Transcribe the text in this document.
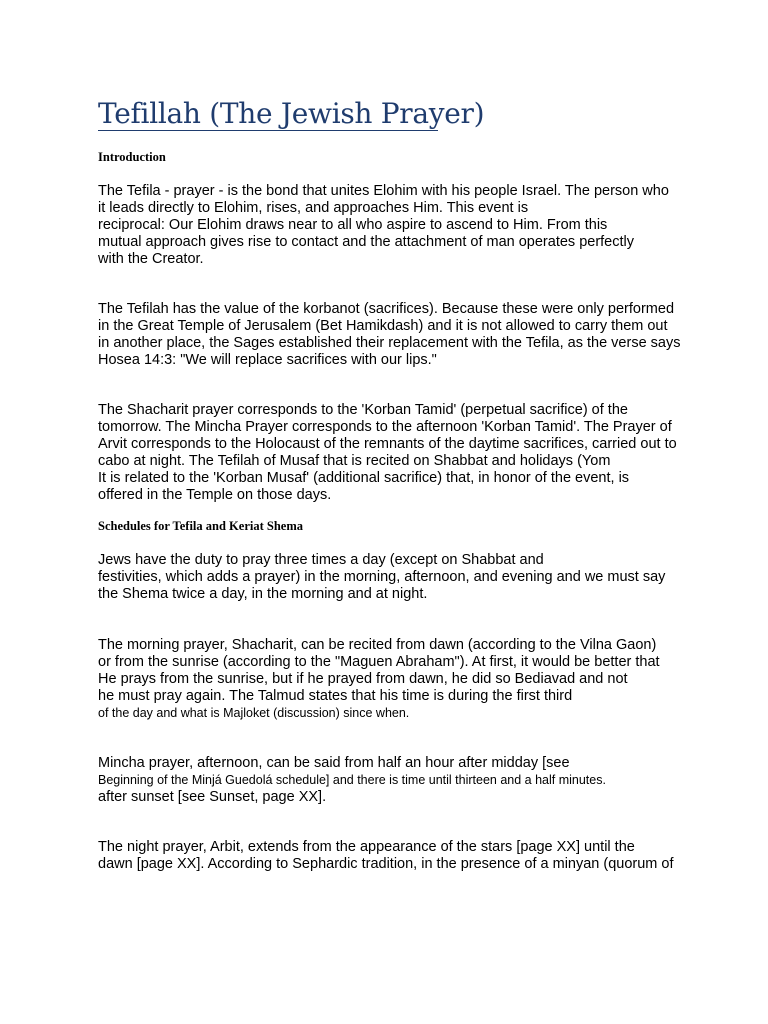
Tefillah (The Jewish Prayer)
Introduction
The Tefila - prayer - is the bond that unites Elohim with his people Israel. The person who
it leads directly to Elohim, rises, and approaches Him. This event is
reciprocal: Our Elohim draws near to all who aspire to ascend to Him. From this
mutual approach gives rise to contact and the attachment of man operates perfectly
with the Creator.
The Tefilah has the value of the korbanot (sacrifices). Because these were only performed
in the Great Temple of Jerusalem (Bet Hamikdash) and it is not allowed to carry them out
in another place, the Sages established their replacement with the Tefila, as the verse says
Hosea 14:3: "We will replace sacrifices with our lips."
The Shacharit prayer corresponds to the 'Korban Tamid' (perpetual sacrifice) of the
tomorrow. The Mincha Prayer corresponds to the afternoon 'Korban Tamid'. The Prayer of
Arvit corresponds to the Holocaust of the remnants of the daytime sacrifices, carried out to
cabo at night. The Tefilah of Musaf that is recited on Shabbat and holidays (Yom
It is related to the 'Korban Musaf' (additional sacrifice) that, in honor of the event, is
offered in the Temple on those days.
Schedules for Tefila and Keriat Shema
Jews have the duty to pray three times a day (except on Shabbat and
festivities, which adds a prayer) in the morning, afternoon, and evening and we must say
the Shema twice a day, in the morning and at night.
The morning prayer, Shacharit, can be recited from dawn (according to the Vilna Gaon)
or from the sunrise (according to the "Maguen Abraham"). At first, it would be better that
He prays from the sunrise, but if he prayed from dawn, he did so Bediavad and not
he must pray again. The Talmud states that his time is during the first third
of the day and what is Majloket (discussion) since when.
Mincha prayer, afternoon, can be said from half an hour after midday [see
Beginning of the Minjá Guedolá schedule] and there is time until thirteen and a half minutes.
after sunset [see Sunset, page XX].
The night prayer, Arbit, extends from the appearance of the stars [page XX] until the
dawn [page XX]. According to Sephardic tradition, in the presence of a minyan (quorum of
